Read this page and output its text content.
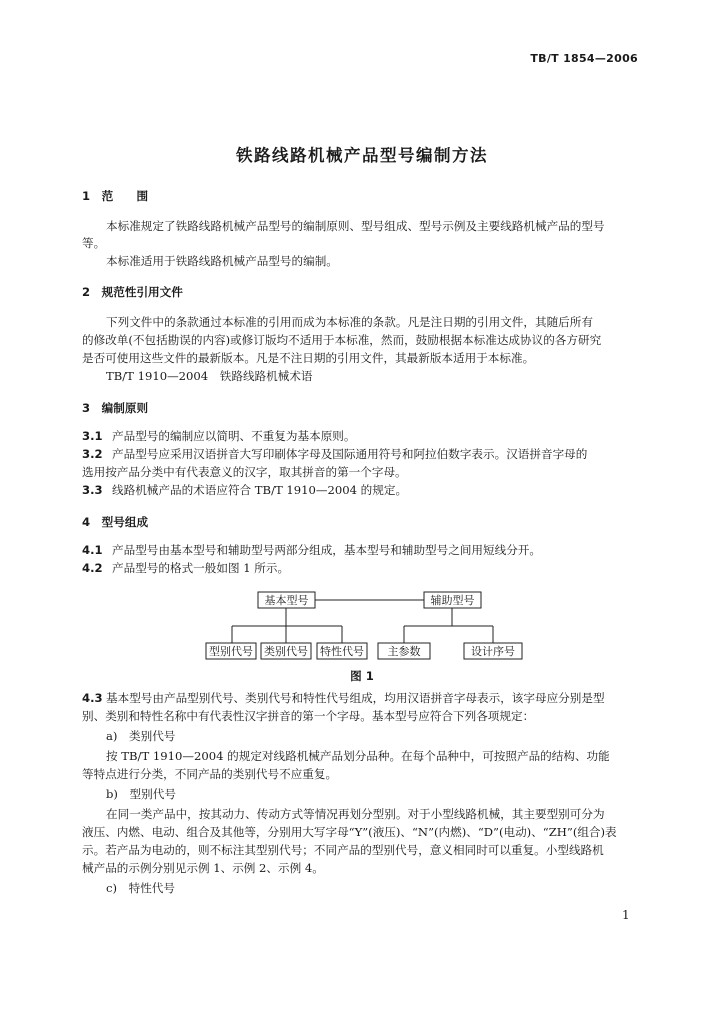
TB/T 1854—2006
铁路线路机械产品型号编制方法
1　范　　围
本标准规定了铁路线路机械产品型号的编制原则、型号组成、型号示例及主要线路机械产品的型号
等。
本标准适用于铁路线路机械产品型号的编制。
2　规范性引用文件
下列文件中的条款通过本标准的引用而成为本标准的条款。凡是注日期的引用文件，其随后所有
的修改单(不包括勘误的内容)或修订版均不适用于本标准，然而，鼓励根据本标准达成协议的各方研究
是否可使用这些文件的最新版本。凡是不注日期的引用文件，其最新版本适用于本标准。
TB/T 1910—2004　铁路线路机械术语
3　编制原则
3.1 产品型号的编制应以简明、不重复为基本原则。
3.2 产品型号应采用汉语拼音大写印刷体字母及国际通用符号和阿拉伯数字表示。汉语拼音字母的
选用按产品分类中有代表意义的汉字，取其拼音的第一个字母。
3.3 线路机械产品的术语应符合 TB/T 1910—2004 的规定。
4　型号组成
4.1 产品型号由基本型号和辅助型号两部分组成，基本型号和辅助型号之间用短线分开。
4.2 产品型号的格式一般如图 1 所示。
基本型号	辅助型号
型别代号 类别代号 特性代号 主参数	设计序号
图 1
4.3 基本型号由产品型别代号、类别代号和特性代号组成，均用汉语拼音字母表示，该字母应分别是型
别、类别和特性名称中有代表性汉字拼音的第一个字母。基本型号应符合下列各项规定：
a)　类别代号
按 TB/T 1910—2004 的规定对线路机械产品划分品种。在每个品种中，可按照产品的结构、功能
等特点进行分类，不同产品的类别代号不应重复。
b)　型别代号
在同一类产品中，按其动力、传动方式等情况再划分型别。对于小型线路机械，其主要型别可分为
液压、内燃、电动、组合及其他等，分别用大写字母“Y”(液压)、“N”(内燃)、“D”(电动)、“ZH”(组合)表
示。若产品为电动的，则不标注其型别代号；不同产品的型别代号，意义相同时可以重复。小型线路机
械产品的示例分别见示例 1、示例 2、示例 4。
c)　特性代号
1
